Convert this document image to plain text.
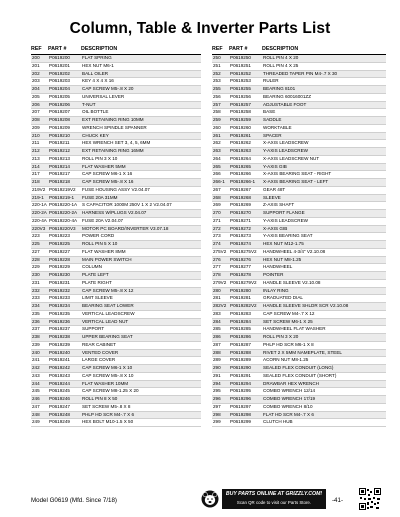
Column, Table & Inverter Parts List
REF	PART #	DESCRIPTION
200	P0619200	FLAT SPRING
201	P0619201	HEX NUT M6-1
202	P0619202	BALL OILER
203	P0619203	KEY 4 X 4 X 16
204	P0619204	CAP SCREW M5-.8 X 20
205	P0619205	UNIVERSAL LEVER
206	P0619206	T-NUT
207	P0619207	OIL BOTTLE
208	P0619208	EXT RETAINING RING 10MM
209	P0619209	WRENCH SPINDLE SPANNER
210	P0619210	CHUCK KEY
211	P0619211	HEX WRENCH SET 3, 4, 5, 6MM
212	P0619212	EXT RETAINING RING 16MM
213	P0619213	ROLL PIN 3 X 10
214	P0619214	FLAT WASHER 5MM
217	P0619217	CAP SCREW M6-1 X 16
218	P0619218	CAP SCREW M5-.8 X 16
219V2	P0619219V2	FUSE HOUSING ASSY V2.04.07
219-1	P0619219-1	FUSE 20A 31MM
220-1A	P0619220-1A	S CAPACITOR 1000M 250V 1 X 2 V2.04.07
220-2A	P0619220-2A	HARNESS W/PLUGS V2.04.07
220-4A	P0619220-4A	FUSE 20A V2.04.07
220V3	P0619220V3	MOTOR PC BOARD/INVERTER V3.07.18
223	P0619223	POWER CORD
225	P0619225	ROLL PIN 5 X 10
227	P0619227	FLAT WASHER 8MM
228	P0619228	MAIN POWER SWITCH
229	P0619229	COLUMN
230	P0619230	PLATE LEFT
231	P0619231	PLATE RIGHT
232	P0619232	CAP SCREW M5-.8 X 12
233	P0619233	LIMIT SLEEVE
234	P0619234	BEARING SEAT LOWER
235	P0619235	VERTICAL LEADSCREW
236	P0619236	VERTICAL LEAD NUT
237	P0619237	SUPPORT
238	P0619238	UPPER BEARING SEAT
239	P0619239	REAR CABINET
240	P0619240	VENTED COVER
241	P0619241	LARGE COVER
242	P0619242	CAP SCREW M6-1 X 10
243	P0619243	CAP SCREW M5-.8 X 10
244	P0619244	FLAT WASHER 10MM
245	P0619245	CAP SCREW M8-1.25 X 20
246	P0619246	ROLL PIN 8 X 50
247	P0619247	SET SCREW M5-.8 X 8
248	P0619248	PHLP HD SCR M4-.7 X 6
249	P0619249	HEX BOLT M10-1.5 X 50
REF	PART #	DESCRIPTION
250	P0619250	ROLL PIN 4 X 20
251	P0619251	ROLL PIN 4 X 25
252	P0619252	THREADED TAPER PIN M4-.7 X 30
253	P0619253	RULER
255	P0619255	BEARING 8101
256	P0619256	BEARING 60016001ZZ
257	P0619257	ADJUSTABLE FOOT
258	P0619258	BASE
259	P0619259	SADDLE
260	P0619260	WORKTABLE
261	P0619261	SPACER
262	P0619262	X-AXIS LEADSCREW
263	P0619263	Y-AXIS LEADSCREW
264	P0619264	X-AXIS LEADSCREW NUT
265	P0619265	Y-AXIS GIB
266	P0619266	X-AXIS BEARING SEAT - RIGHT
266-1	P0619266-1	X-AXIS BEARING SEAT - LEFT
267	P0619267	GEAR 48T
268	P0619268	SLEEVE
269	P0619269	Z-AXIS SHAFT
270	P0619270	SUPPORT FLANGE
271	P0619271	Y-AXIS LEADSCREW
272	P0619272	X-AXIS GIB
273	P0619273	Y-AXIS BEARING SEAT
274	P0619274	HEX NUT M12-1.75
275V2	P0619275V2	HANDWHEEL 4-3/4" V2.10.08
276	P0619276	HEX NUT M8-1.25
277	P0619277	HANDWHEEL
278	P0619278	POINTER
279V2	P0619279V2	HANDLE SLEEVE V2.10.08
280	P0619280	INLAY RING
281	P0619281	GRADUATED DIAL
282V2	P0619282V2	HANDLE SLEEVE SHLDR SCR V2.10.08
283	P0619283	CAP SCREW M4-.7 X 12
284	P0619284	SET SCREW M6-1 X 25
285	P0619285	HANDWHEEL FLAT WASHER
286	P0619286	ROLL PIN 3 X 20
287	P0619287	PHLP HD SCR M6-1 X 8
288	P0619288	RIVET 2 X 5MM NAMEPLATE, STEEL
289	P0619289	ACORN NUT M8-1.25
290	P0619290	SEALED FLEX CONDUIT (LONG)
291	P0619291	SEALED FLEX CONDUIT (SHORT)
294	P0619294	DRAWBAR HEX WRENCH
295	P0619295	COMBO WRENCH 12/14
296	P0619296	COMBO WRENCH 17/19
297	P0619297	COMBO WRENCH 8/10
298	P0619298	FLAT HD SCR M4-.7 X 6
299	P0619299	CLUTCH HUB
Model G0619 (Mfd. Since 7/18)
BUY PARTS ONLINE AT GRIZZLY.COM!
Scan QR code to visit our Parts Store.	-41-
